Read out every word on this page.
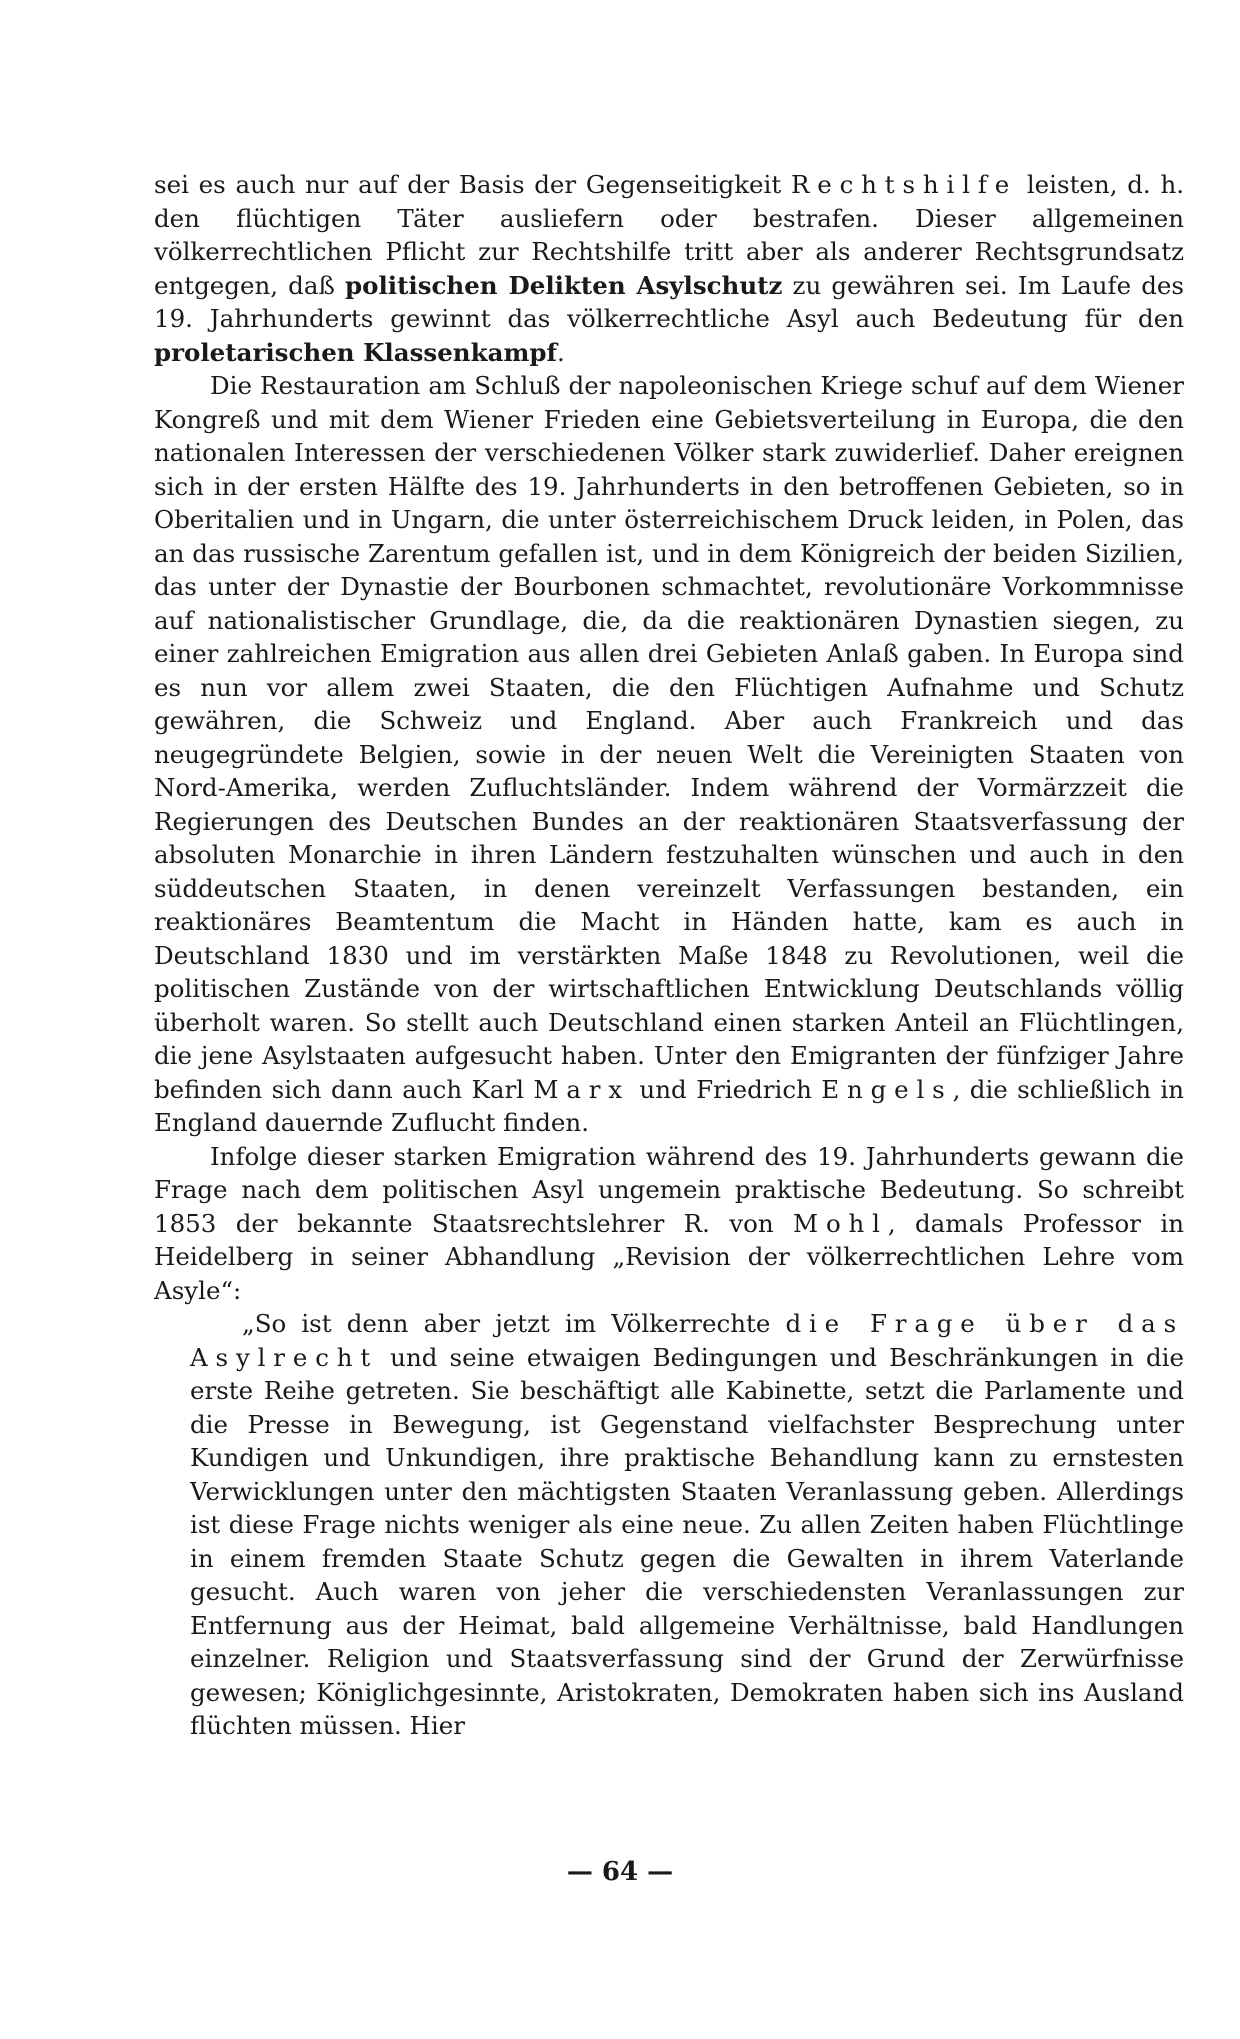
sei es auch nur auf der Basis der Gegenseitigkeit Rechtshilfe leisten, d. h. den flüchtigen Täter ausliefern oder bestrafen. Dieser allgemeinen völkerrechtlichen Pflicht zur Rechtshilfe tritt aber als anderer Rechtsgrundsatz entgegen, daß politischen Delikten Asylschutz zu gewähren sei. Im Laufe des 19. Jahrhunderts gewinnt das völkerrechtliche Asyl auch Bedeutung für den proletarischen Klassenkampf.

Die Restauration am Schluß der napoleonischen Kriege schuf auf dem Wiener Kongreß und mit dem Wiener Frieden eine Gebietsverteilung in Europa, die den nationalen Interessen der verschiedenen Völker stark zuwiderlief. Daher ereignen sich in der ersten Hälfte des 19. Jahrhunderts in den betroffenen Gebieten, so in Oberitalien und in Ungarn, die unter österreichischem Druck leiden, in Polen, das an das russische Zarentum gefallen ist, und in dem Königreich der beiden Sizilien, das unter der Dynastie der Bourbonen schmachtet, revolutionäre Vorkommnisse auf nationalistischer Grundlage, die, da die reaktionären Dynastien siegen, zu einer zahlreichen Emigration aus allen drei Gebieten Anlaß gaben. In Europa sind es nun vor allem zwei Staaten, die den Flüchtigen Aufnahme und Schutz gewähren, die Schweiz und England. Aber auch Frankreich und das neugegründete Belgien, sowie in der neuen Welt die Vereinigten Staaten von Nord-Amerika, werden Zufluchtsländer. Indem während der Vormärzzeit die Regierungen des Deutschen Bundes an der reaktionären Staatsverfassung der absoluten Monarchie in ihren Ländern festzuhalten wünschen und auch in den süddeutschen Staaten, in denen vereinzelt Verfassungen bestanden, ein reaktionäres Beamtentum die Macht in Händen hatte, kam es auch in Deutschland 1830 und im verstärkten Maße 1848 zu Revolutionen, weil die politischen Zustände von der wirtschaftlichen Entwicklung Deutschlands völlig überholt waren. So stellt auch Deutschland einen starken Anteil an Flüchtlingen, die jene Asylstaaten aufgesucht haben. Unter den Emigranten der fünfziger Jahre befinden sich dann auch Karl Marx und Friedrich Engels, die schließlich in England dauernde Zuflucht finden.

Infolge dieser starken Emigration während des 19. Jahrhunderts gewann die Frage nach dem politischen Asyl ungemein praktische Bedeutung. So schreibt 1853 der bekannte Staatsrechtslehrer R. von Mohl, damals Professor in Heidelberg in seiner Abhandlung „Revision der völkerrechtlichen Lehre vom Asyle“:

„So ist denn aber jetzt im Völkerrechte die Frage über das Asylrecht und seine etwaigen Bedingungen und Beschränkungen in die erste Reihe getreten. Sie beschäftigt alle Kabinette, setzt die Parlamente und die Presse in Bewegung, ist Gegenstand vielfachster Besprechung unter Kundigen und Unkundigen, ihre praktische Behandlung kann zu ernstesten Verwicklungen unter den mächtigsten Staaten Veranlassung geben. Allerdings ist diese Frage nichts weniger als eine neue. Zu allen Zeiten haben Flüchtlinge in einem fremden Staate Schutz gegen die Gewalten in ihrem Vaterlande gesucht. Auch waren von jeher die verschiedensten Veranlassungen zur Entfernung aus der Heimat, bald allgemeine Verhältnisse, bald Handlungen einzelner. Religion und Staatsverfassung sind der Grund der Zerwürfnisse gewesen; Königlichgesinnte, Aristokraten, Demokraten haben sich ins Ausland flüchten müssen. Hier

— 64 —
